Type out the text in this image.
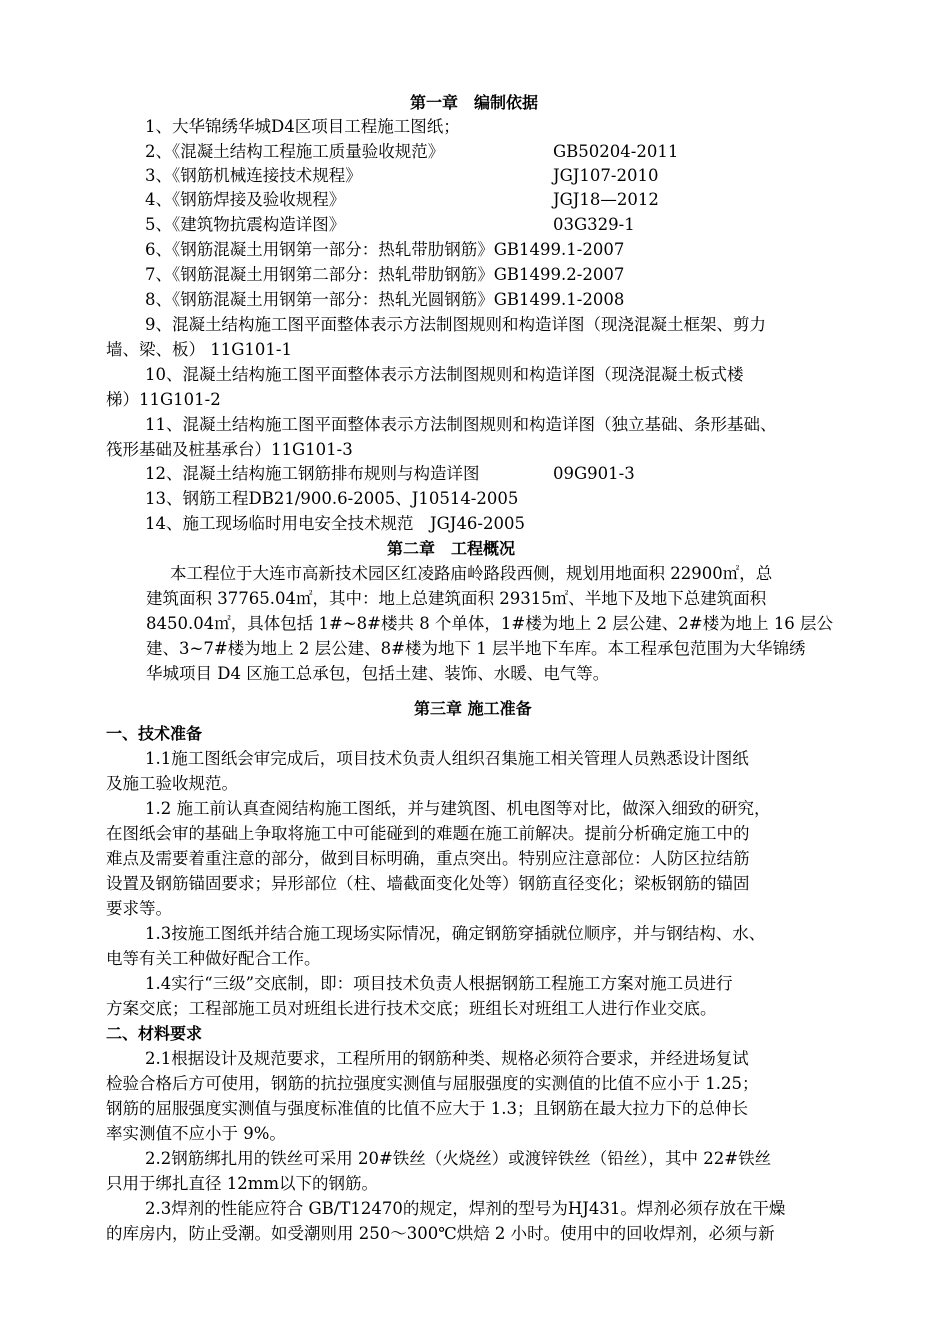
第一章　编制依据
1、大华锦绣华城D4区项目工程施工图纸；
2、《混凝土结构工程施工质量验收规范》	GB50204-2011
3、《钢筋机械连接技术规程》	JGJ107-2010
4、《钢筋焊接及验收规程》	JGJ18—2012
5、《建筑物抗震构造详图》	03G329-1
6、《钢筋混凝土用钢第一部分：热轧带肋钢筋》GB1499.1-2007
7、《钢筋混凝土用钢第二部分：热轧带肋钢筋》GB1499.2-2007
8、《钢筋混凝土用钢第一部分：热轧光圆钢筋》GB1499.1-2008
9、混凝土结构施工图平面整体表示方法制图规则和构造详图（现浇混凝土框架、剪力
墙、梁、板） 11G101-1
10、混凝土结构施工图平面整体表示方法制图规则和构造详图（现浇混凝土板式楼
梯）11G101-2
11、混凝土结构施工图平面整体表示方法制图规则和构造详图（独立基础、条形基础、
筏形基础及桩基承台）11G101-3
12、混凝土结构施工钢筋排布规则与构造详图	09G901-3
13、钢筋工程DB21/900.6-2005、J10514-2005
14、施工现场临时用电安全技术规范　JGJ46-2005
第二章　工程概况
本工程位于大连市高新技术园区红凌路庙岭路段西侧，规划用地面积 22900㎡，总
建筑面积 37765.04㎡，其中：地上总建筑面积 29315㎡、半地下及地下总建筑面积
8450.04㎡，具体包括 1#~8#楼共 8 个单体，1#楼为地上 2 层公建、2#楼为地上 16 层公
建、3~7#楼为地上 2 层公建、8#楼为地下 1 层半地下车库。本工程承包范围为大华锦绣
华城项目 D4 区施工总承包，包括土建、装饰、水暖、电气等。
第三章 施工准备
一、技术准备
1.1施工图纸会审完成后，项目技术负责人组织召集施工相关管理人员熟悉设计图纸
及施工验收规范。
1.2 施工前认真查阅结构施工图纸，并与建筑图、机电图等对比，做深入细致的研究，
在图纸会审的基础上争取将施工中可能碰到的难题在施工前解决。提前分析确定施工中的
难点及需要着重注意的部分，做到目标明确，重点突出。特别应注意部位：人防区拉结筋
设置及钢筋锚固要求；异形部位（柱、墙截面变化处等）钢筋直径变化；梁板钢筋的锚固
要求等。
1.3按施工图纸并结合施工现场实际情况，确定钢筋穿插就位顺序，并与钢结构、水、
电等有关工种做好配合工作。
1.4实行“三级”交底制，即：项目技术负责人根据钢筋工程施工方案对施工员进行
方案交底；工程部施工员对班组长进行技术交底；班组长对班组工人进行作业交底。
二、材料要求
2.1根据设计及规范要求，工程所用的钢筋种类、规格必须符合要求，并经进场复试
检验合格后方可使用，钢筋的抗拉强度实测值与屈服强度的实测值的比值不应小于 1.25；
钢筋的屈服强度实测值与强度标准值的比值不应大于 1.3；且钢筋在最大拉力下的总伸长
率实测值不应小于 9%。
2.2钢筋绑扎用的铁丝可采用 20#铁丝（火烧丝）或渡锌铁丝（铅丝），其中 22#铁丝
只用于绑扎直径 12mm以下的钢筋。
2.3焊剂的性能应符合 GB/T12470的规定，焊剂的型号为HJ431。焊剂必须存放在干燥
的库房内，防止受潮。如受潮则用 250～300℃烘焙 2 小时。使用中的回收焊剂，必须与新
